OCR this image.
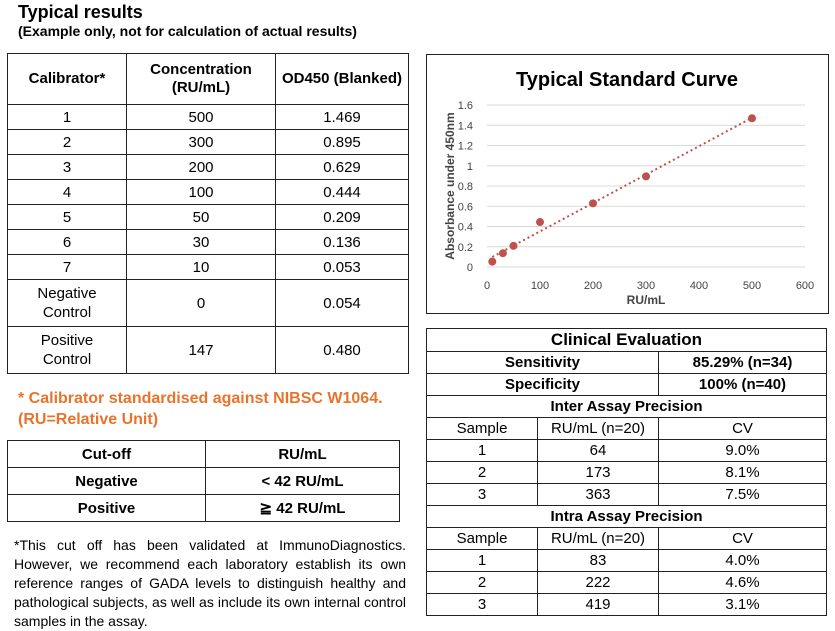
Typical results
(Example only, not for calculation of actual results)
Calibrator*	Concentration (RU/mL)	OD450 (Blanked)
1	500	1.469
2	300	0.895
3	200	0.629
4	100	0.444
5	50	0.209
6	30	0.136
7	10	0.053
Negative Control	0	0.054
Positive Control	147	0.480
* Calibrator standardised against NIBSC W1064. (RU=Relative Unit)
Cut-off	RU/mL
Negative	< 42 RU/mL
Positive	≧ 42 RU/mL
*This cut off has been validated at ImmunoDiagnostics. However, we recommend each laboratory establish its own reference ranges of GADA levels to distinguish healthy and pathological subjects, as well as include its own internal control samples in the assay.
Typical Standard Curve
0
0.2
0.4
0.6
0.8
1
1.2
1.4
1.6
0	100	200	300	400	500	600
RU/mL
Absorbance under 450nm
Clinical Evaluation		
Sensitivity		85.29% (n=34)
Specificity		100% (n=40)
Inter Assay Precision		
Sample	RU/mL (n=20)	CV
1	64	9.0%
2	173	8.1%
3	363	7.5%
Intra Assay Precision		
Sample	RU/mL (n=20)	CV
1	83	4.0%
2	222	4.6%
3	419	3.1%
